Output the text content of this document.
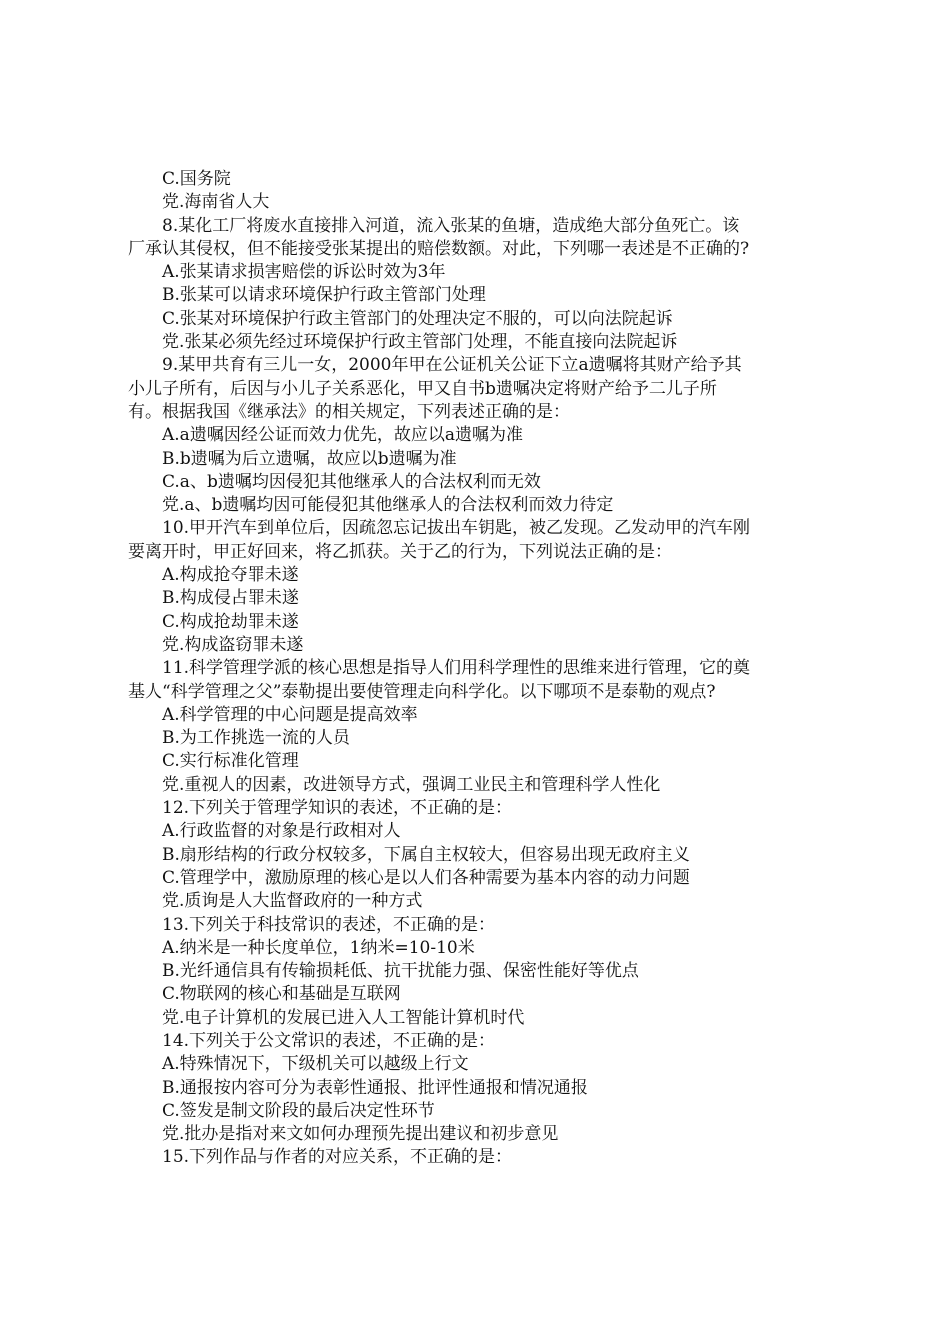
C.国务院
党.海南省人大
8.某化工厂将废水直接排入河道，流入张某的鱼塘，造成绝大部分鱼死亡。该
厂承认其侵权，但不能接受张某提出的赔偿数额。对此，下列哪一表述是不正确的?
A.张某请求损害赔偿的诉讼时效为3年
B.张某可以请求环境保护行政主管部门处理
C.张某对环境保护行政主管部门的处理决定不服的，可以向法院起诉
党.张某必须先经过环境保护行政主管部门处理，不能直接向法院起诉
9.某甲共育有三儿一女，2000年甲在公证机关公证下立a遗嘱将其财产给予其
小儿子所有，后因与小儿子关系恶化，甲又自书b遗嘱决定将财产给予二儿子所
有。根据我国《继承法》的相关规定，下列表述正确的是：
A.a遗嘱因经公证而效力优先，故应以a遗嘱为准
B.b遗嘱为后立遗嘱，故应以b遗嘱为准
C.a、b遗嘱均因侵犯其他继承人的合法权利而无效
党.a、b遗嘱均因可能侵犯其他继承人的合法权利而效力待定
10.甲开汽车到单位后，因疏忽忘记拔出车钥匙，被乙发现。乙发动甲的汽车刚
要离开时，甲正好回来，将乙抓获。关于乙的行为，下列说法正确的是：
A.构成抢夺罪未遂
B.构成侵占罪未遂
C.构成抢劫罪未遂
党.构成盗窃罪未遂
11.科学管理学派的核心思想是指导人们用科学理性的思维来进行管理，它的奠
基人“科学管理之父”泰勒提出要使管理走向科学化。以下哪项不是泰勒的观点?
A.科学管理的中心问题是提高效率
B.为工作挑选一流的人员
C.实行标准化管理
党.重视人的因素，改进领导方式，强调工业民主和管理科学人性化
12.下列关于管理学知识的表述，不正确的是：
A.行政监督的对象是行政相对人
B.扇形结构的行政分权较多，下属自主权较大，但容易出现无政府主义
C.管理学中，激励原理的核心是以人们各种需要为基本内容的动力问题
党.质询是人大监督政府的一种方式
13.下列关于科技常识的表述，不正确的是：
A.纳米是一种长度单位，1纳米=10-10米
B.光纤通信具有传输损耗低、抗干扰能力强、保密性能好等优点
C.物联网的核心和基础是互联网
党.电子计算机的发展已进入人工智能计算机时代
14.下列关于公文常识的表述，不正确的是：
A.特殊情况下，下级机关可以越级上行文
B.通报按内容可分为表彰性通报、批评性通报和情况通报
C.签发是制文阶段的最后决定性环节
党.批办是指对来文如何办理预先提出建议和初步意见
15.下列作品与作者的对应关系，不正确的是：
